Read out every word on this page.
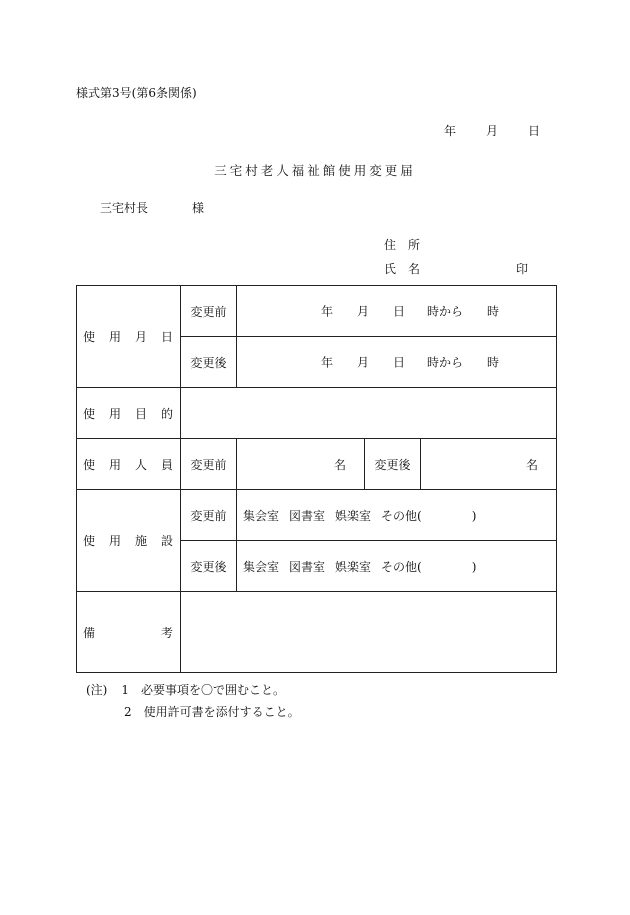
様式第3号(第6条関係)
年	月	日
三宅村老人福祉館使用変更届
三宅村長	様
住　所
氏　名	印
使 用 月 日	変更前	年 月 日 時から 時		

	変更後	年 月 日 時から 時		

使 用 目 的				

使 用 人 員	変更前	名	変更後	名

使 用 施 設	変更前	集会室 図書室 娯楽室 その他( )		
	変更後	集会室 図書室 娯楽室 その他( )		

備 考				

(注) 1 必要事項を〇で囲むこと。
2 使用許可書を添付すること。
